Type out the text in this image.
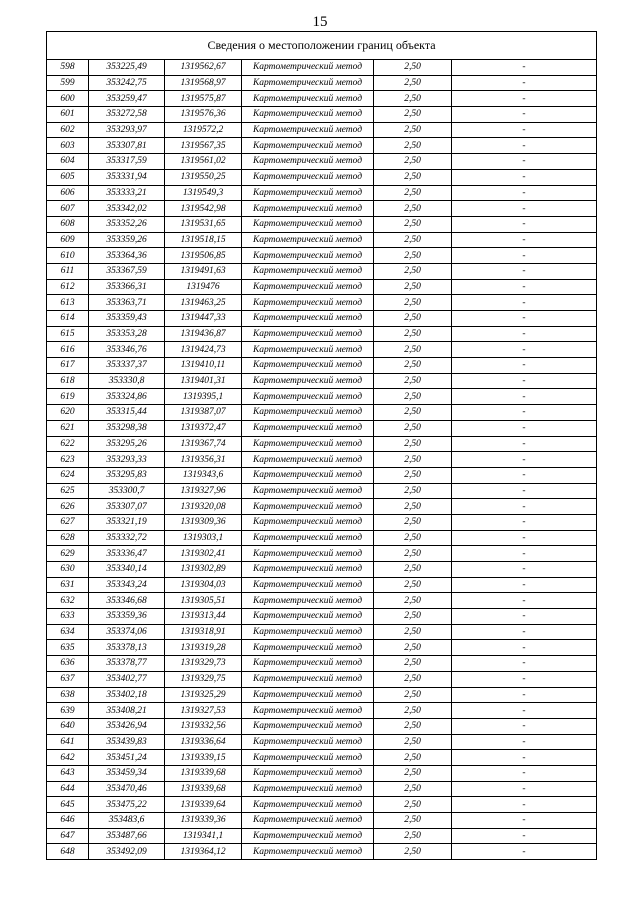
15
Сведения о местоположении границ объекта					
598	353225,49	1319562,67	Картометрический метод	2,50	-
599	353242,75	1319568,97	Картометрический метод	2,50	-
600	353259,47	1319575,87	Картометрический метод	2,50	-
601	353272,58	1319576,36	Картометрический метод	2,50	-
602	353293,97	1319572,2	Картометрический метод	2,50	-
603	353307,81	1319567,35	Картометрический метод	2,50	-
604	353317,59	1319561,02	Картометрический метод	2,50	-
605	353331,94	1319550,25	Картометрический метод	2,50	-
606	353333,21	1319549,3	Картометрический метод	2,50	-
607	353342,02	1319542,98	Картометрический метод	2,50	-
608	353352,26	1319531,65	Картометрический метод	2,50	-
609	353359,26	1319518,15	Картометрический метод	2,50	-
610	353364,36	1319506,85	Картометрический метод	2,50	-
611	353367,59	1319491,63	Картометрический метод	2,50	-
612	353366,31	1319476	Картометрический метод	2,50	-
613	353363,71	1319463,25	Картометрический метод	2,50	-
614	353359,43	1319447,33	Картометрический метод	2,50	-
615	353353,28	1319436,87	Картометрический метод	2,50	-
616	353346,76	1319424,73	Картометрический метод	2,50	-
617	353337,37	1319410,11	Картометрический метод	2,50	-
618	353330,8	1319401,31	Картометрический метод	2,50	-
619	353324,86	1319395,1	Картометрический метод	2,50	-
620	353315,44	1319387,07	Картометрический метод	2,50	-
621	353298,38	1319372,47	Картометрический метод	2,50	-
622	353295,26	1319367,74	Картометрический метод	2,50	-
623	353293,33	1319356,31	Картометрический метод	2,50	-
624	353295,83	1319343,6	Картометрический метод	2,50	-
625	353300,7	1319327,96	Картометрический метод	2,50	-
626	353307,07	1319320,08	Картометрический метод	2,50	-
627	353321,19	1319309,36	Картометрический метод	2,50	-
628	353332,72	1319303,1	Картометрический метод	2,50	-
629	353336,47	1319302,41	Картометрический метод	2,50	-
630	353340,14	1319302,89	Картометрический метод	2,50	-
631	353343,24	1319304,03	Картометрический метод	2,50	-
632	353346,68	1319305,51	Картометрический метод	2,50	-
633	353359,36	1319313,44	Картометрический метод	2,50	-
634	353374,06	1319318,91	Картометрический метод	2,50	-
635	353378,13	1319319,28	Картометрический метод	2,50	-
636	353378,77	1319329,73	Картометрический метод	2,50	-
637	353402,77	1319329,75	Картометрический метод	2,50	-
638	353402,18	1319325,29	Картометрический метод	2,50	-
639	353408,21	1319327,53	Картометрический метод	2,50	-
640	353426,94	1319332,56	Картометрический метод	2,50	-
641	353439,83	1319336,64	Картометрический метод	2,50	-
642	353451,24	1319339,15	Картометрический метод	2,50	-
643	353459,34	1319339,68	Картометрический метод	2,50	-
644	353470,46	1319339,68	Картометрический метод	2,50	-
645	353475,22	1319339,64	Картометрический метод	2,50	-
646	353483,6	1319339,36	Картометрический метод	2,50	-
647	353487,66	1319341,1	Картометрический метод	2,50	-
648	353492,09	1319364,12	Картометрический метод	2,50	-
